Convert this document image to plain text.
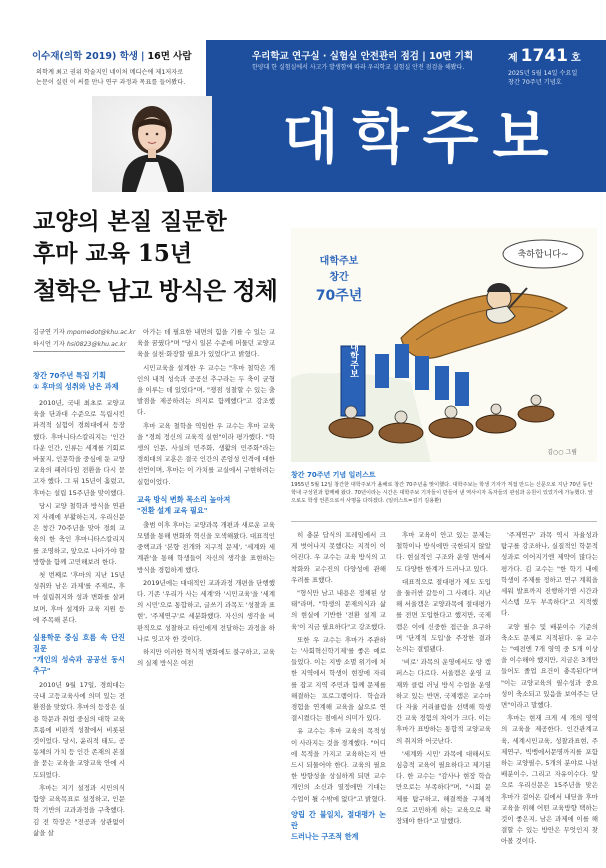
이수재(의학 2019) 학생 | 16면 사람
의학계 최고 권위 학술지인 네이처 메디슨에 제1저자로 논문이 실린 이 씨를 만나 연구 과정과 목표를 들어봤다.
우리학교 연구실 · 실험실 안전관리 점검 | 10면 기획
한양대 한 실험실에서 사고가 발생함에 따라 우리학교 실험실 안전 점검을 해봤다.
제 1741 호
2025년 5월 14일 수요일
창간 70주년 기념호
대학주보
교양의 본질 질문한
후마 교육 15년
철학은 남고 방식은 정체
김규연 기자 mpomedot@khu.ac.kr
하시언 기자 hsi0823@khu.ac.kr
창간 70주년 특집 기획
① 후마의 성취와 남은 과제

2010년, 국내 최초로 교양교육을 단과대 수준으로 독립시킨 파격적 실험이 경희대에서 등장했다. 후마니타스칼리지는 '인간 다운 인간, 인류는 세계를 기회로 바꿀지, 인문학을 중심에 둔 교양교육의 패러다임 전환을 다시 묻고자 했다. 그 뒤 15년이 흘렀고, 후마는 설립 15주년을 맞이했다.

당시 교양 철학과 방식을 연관지 사례에 부활하는지, 우리신문은 창간 70주년을 맞아 경희 교육의 한 축인 후마니타스칼리지를 조명하고, 앞으로 나아가야 할 방향을 함께 고민해보려 한다.

첫 번째로 '후마의 지난 15년 성취와 남은 과제'를 주제로, 후마 설립취지와 성과 변화를 살펴보며, 후마 설계와 교육 지원 등에 주목해 본다.

실용학문 중심 흐름 속 단진 질문
"개인의 성숙과 공공선 동시 추구"

2010년 9월 17일, 경희대는 국내 고등교육사에 의미 있는 전환점을 맞았다. 후마의 등장은 실용 학문과 취업 중심의 대학 교육 흐름에 비판적 성찰에서 비롯된 것이었다. 당시, 윤리적 태도, 공동체의 가치 등 인간 존재의 본질을 묻는 교육을 교양교육 안에 시도되었다.

후마는 지기 설정과 시민의식 함양 교육목표로 설정하고, 인문학 기반의 교과과정을 구축했다. 김 전 학장은 "전공과 상관없이 삶을 살

아가는 데 필요한 내면의 힘을 기를 수 있는 교육을 꿈꿨다"며 "당시 일본 수준에 머물던 교양교육을 실천·화장할 필요가 있었다"고 밝혔다.

시민교육을 설계한 우 교수는 "후마 철학은 개인의 내적 성숙과 공공선 추구라는 두 축이 균형을 이루는 데 있었다"며, "쟁점 성찰할 수 있는 출발점을 제공하려는 의지로 함께했다"고 강조했다.

후마 교육 철학을 역임한 우 교수는 후마 교육을 "경희 정신의 교육적 실현"이라 평가했다. "학생의 인문, 사실의 민주화, 생활의 민주화"라는 경희대의 교훈은 결국 인간의 존엄성 인격에 대한 선언이며, 후마는 이 가치를 교실에서 구현하려는 실험이었다.

교육 방식 변화 목소리 높아져
"전환 설계 교육 필요"

출범 이후 후마는 교양과목 개편과 새로운 교육 모델을 통해 변화와 혁신을 모색해왔다. 대표적인 중핵교과 '본향 전개와 지구적 문제', '세계와 세계관'을 통해 학생들이 자신의 생각을 표현하는 방식을 경험하게 했다.

2019년에는 대대적인 교과과정 개편을 단행했다. 기존 '우리가 사는 세계'와 '시민교육'을 '세계의 시민'으로 통합하고, 글쓰기 과목도 '성찰과 표현', '주제연구'로 세분화했다. 자신의 생각을 비판적으로 성찰하고 타인에게 전달하는 과정을 하나로 잇고자 한 것이다.

하지만 이러한 혁식적 변화에도 불구하고, 교육의 실제 방식은 여전

축하합니다~
대학주보
창간
70주년
대학주보
김○○ 그림
창간 70주년 기념 일러스트
1955년 5월 12일 창간한 대학주보가 올해로 창간 70주년을 맞이했다. 대학주보는 학생 기자가 직접 만드는 신문으로 지난 70년 동안 학내 구성원과 함께해 왔다. 70년이라는 시간은 대학주보 기자들이 만들어 낸 역사이자 독자들의 관심과 응원이 있었기에 가능했다. 앞으로도 학생 언론으로서 사명을 다하겠다. (일러스트=김기 김용환)

히 충분 답식의 프레임에서 크게 벗어나지 못했다는 지적이 이어진다. 우 교수는 교육 방식의 고착화와 교수진의 다양성에 관해 우려를 표했다.

"형식만 남고 내용은 정체된 상태"라며, "학생의 문제의식과 삶의 현실에 기반한 '전환 설계 교육'이 지금 필요하다"고 강조했다.

또한 우 교수는 후마가 주관하는 '사회혁신학기제'를 좋은 예로 들었다. 이는 지방 소멸 위기에 처한 지역에서 학생이 현장에 자리를 잡고 지역 주민과 함께 문제를 해결하는 프로그램이다. 학습과 경험을 연계해 교육을 삶으로 연결시켰다는 점에서 의미가 있다.

유 교수는 후마 교육의 목적성이 사라지는 것을 경계했다. "어디에 목적을 가지고 교육하는지 반드시 되물어야 한다. 교육의 필요한 방향성을 상실하게 되면 교수 개인의 소신과 열정에만 기대는 수업이 될 수밖에 없다"고 밝혔다.

양립 간 불일치, 절대평가 논란
드러나는 구조적 한계

후마 교육이 안고 있는 문제는 철학이나 방식에만 국한되지 않았다. 현실적인 구조와 운영 면에서도 다양한 한계가 드러나고 있다.

대표적으로 절대평가 제도 도입을 둘러싼 갈등이 그 사례다. 지난해 서울캠은 교양과목에 절대평가를 전면 도입한다고 했지만, 국제캠은 이에 신중한 접근을 요구하며 '단계적 도입'을 주장한 결과 논의는 결렬됐다.

'비로' 과목의 운영에서도 양 캠퍼스는 다르다. 서울캠은 운영 교재와 클럼 러닝 방식 수업을 운영하고 있는 반면, 국제캠은 교수마다 자율 커리큘럼을 선택해 학생 간 교육 경험의 차이가 크다. 이는 후마가 표방하는 통합적 교양교육의 취지와 어긋난다.

'세계와 시민' 과목에 대해서도 심층적 교육이 필요하다고 제기된다. 한 교수는 "감사나 현장 학습만으로는 부족하다"며, "시회 문제를 탐구하고, 해결책을 구체적으로 고민하게 하는 교육으로 확장돼야 한다"고 말했다.

'주제연구' 과목 역시 자율성과 탐구를 강조하나, 실질적인 학문적 성과로 이어지기엔 제약이 많다는 평가다. 김 교수는 "한 학기 내에 학생이 주제를 정하고 연구 계획을 세워 발표까지 진행하기엔 시간과 시스템 모두 부족하다"고 지적했다.

교양 필수 및 배분이수 기준의 축소도 문제로 지적된다. 유 교수는 "예전엔 7개 영역 중 5개 이상을 이수해야 했지만, 지금은 3개만 들어도 졸업 요건이 충족된다"며 "이는 교양교육의 필수성과 중요성이 축소되고 있음을 보여주는 단면"이라고 말했다.

후마는 현재 크게 세 개의 영역의 교육을 제공한다. 인간관계교육, 세계시민교육, 성찰과표현, 주제연구, 빅뱅에서문명까지를 포함하는 교양필수, 5개의 분야로 나뉜 배분이수, 그리고 자유이수다. 앞으로 우리신문은 15주년을 맞은 후마가 걸어온 길에서 내딛을 후마 교육을 위해 어떤 교육방향 택하는 것이 좋은지, 남은 과제에 이를 해결할 수 있는 방안은 무엇인지 찾아볼 것이다.
